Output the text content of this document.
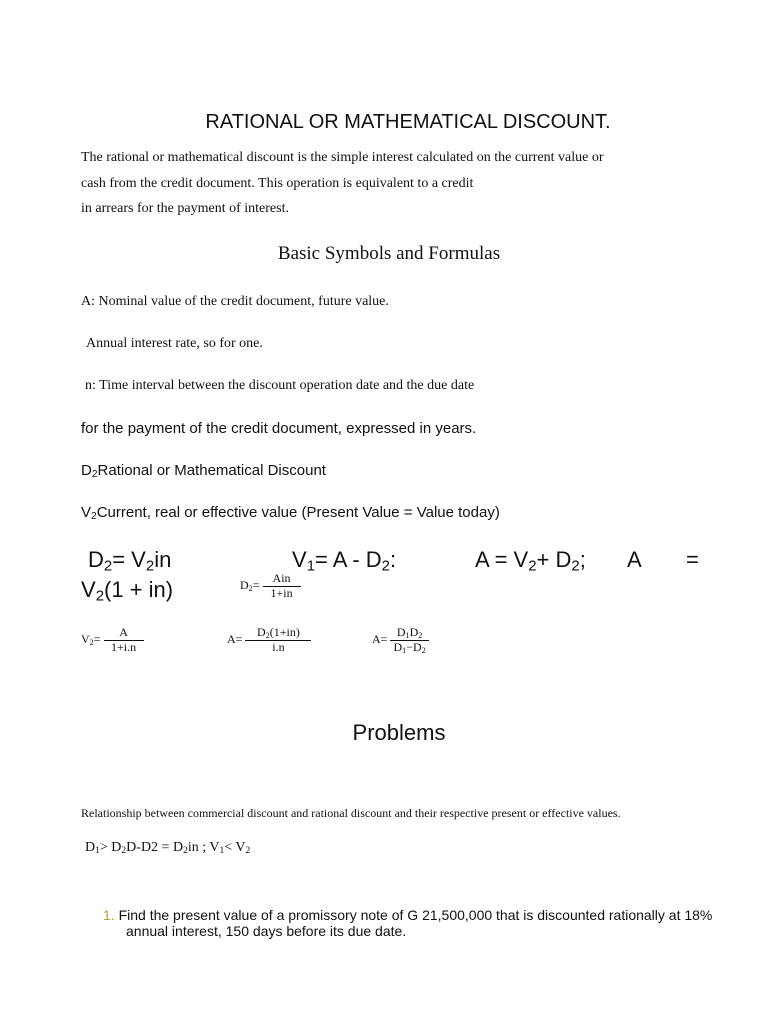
RATIONAL OR MATHEMATICAL DISCOUNT.
The rational or mathematical discount is the simple interest calculated on the current value or
cash from the credit document. This operation is equivalent to a credit
in arrears for the payment of interest.
Basic Symbols and Formulas
A: Nominal value of the credit document, future value.
Annual interest rate, so for one.
n: Time interval between the discount operation date and the due date
for the payment of the credit document, expressed in years.
$D_2Rational$ or Mathematical Discount
$V_2Current$, real or effective value (Present Value = Value today)
$D_2= V_2in$	$V_1= A - D_2$:	$A = V_2+ D_2$; A =
$V_2(1 + in)$	$D_2= \frac{\text{Ain}}{1+in}$
$V_2= \frac{A}{1+i.n}$	$A= \frac{D_2(1+in)}{i.n}$	$A= \frac{D_1D_2}{D_1-D_2}$
Problems
Relationship between commercial discount and rational discount and their respective present or effective values.
$D_1> D_2D-D2 = D_2in$ ; $V_1< V_2$
1. Find the present value of a promissory note of G 21,500,000 that is discounted rationally at 18%
annual interest, 150 days before its due date.
